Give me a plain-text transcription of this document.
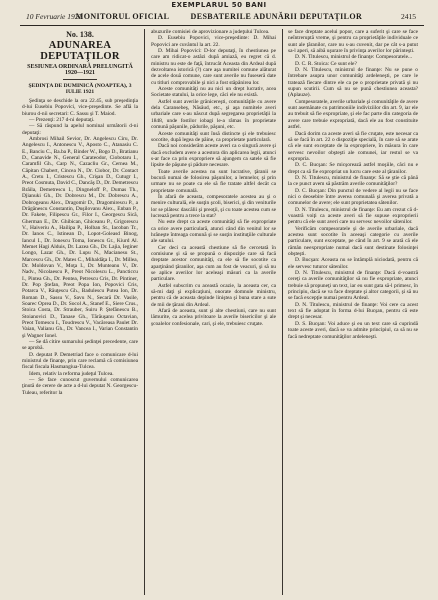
EXEMPLARUL 50 BANI
MONITORUL OFICIAL	DESBATERILE ADUNĂRII DEPUTAŢILOR
10 Fevruarie 1922	2415
No. 138.
ADUNAREA DEPUTAŢILOR
SESIUNEA ORDINARĂ PRELUNGITĂ 1920—1921
ŞEDINŢA DE DUMINICĂ (NOAPTEA), 3 IULIE 1921

Şedinţa se deschide la ora 22.45, sub preşedinţia d-lui Eusebiu Popovici, vice-preşedinte. Se află la biurou d-nii secretari: C. Sassu şi T. Maiod.

— Prezenţi: 217 d-ni deputaţi.

— Să răspund la apelul nominal următorii d-ni deputaţi:

Ambrosi Mihail Sevior, Dr. Angelescu Ciru, Dr. Angelescu I., Antonescu V., Aposto C., Atanasiu C. E., Banciu C., Ba.ba P., Binder W., Bogo D., Bratianu D., Canavide N., General Carateodor, Ciobotaru I., Caramfil Gh., Carp N., Cazacliu Gr., Cernea M., Căpitan Chabert, Cincea N., Dr. Ciobor, Dr. Contact A., Cretu I., Cristescu Gh., Crişan D., Cutugr I., Preot Cosmuta, David C., Dancăş D., Dr. Demetrescu Brăila, Demetrescu I., Dingneloff P., Dumas Th., Djianuki Gh., Dr. Dobrescu M., Dr. Dobrescu A., Dobrogeanu Alex., Dragomir D., Dragomirescu P., a Drăgănescu Constantin, Duşilovanu Alex., Enban P., Dr. Fakete, Filipescu Gr., Filor I., Georgescu Sică, Gherman E., Dr. Ghibican, Ghiceanu P., Grigorescu V., Haiveriu A., Hailipa P., Holban St., Iacoban Tr., Dr. Ianos C., Istinean D., Lopot-Goleasd Binog, Iancul I., Dr. Ionescu Toma, Ionescu Gr., Kiurd Al. Memet Hagi Alduis, Dr. Lazea Gh., Dr. Lajia, Ieginer Longo, Lazar Gh., Dr. Lupu N., Macianesu St., Marcescu Gh., Dr. Mates C., Mihaldăţa I., Dr. Millea, Dr. Moldovan V., Moţa I., Dr. Munteanu V., Dr. Nadv., Nicolaescu P., Preot Nicolescu L., Pancticcu I., Pintea Gh., Dr. Pentea, Petrescu Cris, Dr. Pintiner, Dr. Pop Ştefan, Preot Popa Ion, Popovici Cris, Potarca V., Răuţescu Gh., Badulescu Putea Ion, Dr. Roman D., Sassu V., Savu N., Secară Dr. Vasile, Soarec Oprea D., Dr. Socol A., Stanef E., Siere Crus., Stoica Costa, Dr. Strauber, Suiru P. Ştefănescu B., Stoianovici D., Tanase Gh., Tărăuşanu Octavian, Preot Tomescu I., Toudrescu V., Vacăreasa Paulet Dr. Vaian, Valianu Gh., Dr. Vancea I., Varian Constantin şi Wagner Ionel.

— Se dă citire sumarului şedinţei precedente, care se aprobă.

D. deputat P. Demetriad face o comunicare d-lui ministrul de finanţe, prin care reclamă că comisiunea fiscal fiscala Hasmangiua-Tulcea.

Idem, relativ la reforma judeţul Tulcea.

— Se face cunoscut guvernului comunicarea ţinută de cerere de acte a d-lui deputat N. Georgescu-Tuleau, referitor la

abuzurile comisiei de aprovizionare a judeţului Tulcea.

D. Eusebiu Popovici, vice-preşedinte: D. Mihai Popovici are cuvântul la art. 22.

D. Mihai Popovici: D-lor deputaţi, în chestiunea pe care am ridicat-o astăzi după amiază, eu regret că d. ministru nu este de faţă, întrucât Aceasta din Ardeal după dezvoltarea istorică (?) care aşa numitei comune alăturat de acele două comune, care sunt averile nu fuseseră date cu titluri comprovabile şi nici a fost stăpânirea lor.

Aceste comunităţi nu au nici un drept lucrativ, acea Societate statului, la orice lege, căci ele nu există.

Astfel sunt averile grănicereşti, comunităţile cu avere dela Caransebeş, Năsăud, etc., şi aşa numitele averi urbariale care s-au născut după segregarea proprietăţii la 1848, unde fostilor iobagi le-a rămas în proprietate comună păşunile, pădurile, păşuni, etc.

Aceste comunităţi sunt însă distincte şi ele trebuiesc socotite, după legea de pâine, ca proprietate particulară.

Dacă noi considerăm aceste averi ca o singură avere şi dacă excludem avere a acestora din aplicarea legii, atunci s-ar face ca prin expropriere să ajungem ca satele să fie lipsite de păşune şi pădure necesare.

Toate averile acestea nu sunt lucrative, ţăranii se bucură numai de folosirea păşunilor, a lemnelor, şi prin urmare nu se poate ca ele să fie tratate altfel decât ca proprietate comunală.

În afară de aceasta, compesoratele acestea au şi o menire culturală, ele susţin şcoli, biserici, şi din veniturile lor se plătesc dascălii şi preoţii, şi cu toate acestea cum se lucrează pentru a trece la stat?

Nu este drept ca aceste comunităţi să fie expropriate ca orice avere particulară, atunci când din venitul lor se hrăneşte întreaga comună şi se susţin instituţiile culturale ale satului.

Cer deci ca această chestiune să fie cercetată în comisiune şi să se propună o dispoziţie care să facă dreptate acestor comunităţi, ca ele să fie socotite ca aparţinând ţăranilor, aşa cum au fost de veacuri, şi să nu se aplice averilor lor aceleaşi măsuri ca la averile particulare.

Astfel subscrim cu această ocazie, la aceasta cer, ca să-mi daţi şi explicaţiuni, onorate domnule ministru, pentru că de aceasta depinde liniştea şi buna stare a sute de mii de ţărani din Ardeal.

Afară de aceasta, sunt şi alte chestiuni, care nu sunt lămurite, ca acelea privitoare la averile bisericilor şi ale şcoalelor confesionale, cari, şi ele, trebuiesc cruţate.

se face dreptate acelui popor, care a suferit şi care se face neîntreruptă vreme, şi pentru ca proprietăţile individuale ce sunt ale ţăranilor, care nu s-au cuvenit, dar pe cât s-a putut sa-l aperi, să aibă uşurare în privinţa averilor lor părinteşti.

D. N. Titulescu, ministrul de finanţe: Compesoratele...

D. C. R. Stoica: Ce sunt ele?

D. N. Titulescu, ministrul de finanţe: Nu se pune o întrebare asupra unor comunităţi ardeleneşti, pe care le tratează fiecare dintre ele ca pe o proprietate privată şi nu supun scutirii. Cum să nu se pună chestiunea aceasta? (Aplauze).

Compesoratele, averile urbariale şi comunităţile de avere sunt asemănate cu patrimoniile indiviziilor din art. 9, iar ele au trebuit să fie expropriate, şi ele fac parte din categoria de avere care trebuie expropriată, dacă ele au fost constituite astfel.

Dacă dorim ca aceste averi să fie cruţate, este necesar ca să se facă în art. 22 o dispoziţie specială, în care să se arate că ele sunt exceptate de la expropriere, în măsura în care servesc nevoilor obşteşti ale comunei, iar restul se va expropria.

D. C. Bucşan: Se micşorează astfel moşiile, căci nu e drept ca să fie expropriat un lucru care este al ţăranilor.

D. N. Titulescu, ministrul de finanţe: Să se ştie că până la ce punct avem să păstrăm averile comunităţilor?

D. C. Bucşan: Din punctul de vedere al legii nu se face nici o deosebire între averea comunală şi averea privată a comunelor de avere; ele sunt proprietatea sătenilor.

D. N. Titulescu, ministrul de finanţe: Eu am crezut că d-voastră voiţi ca aceste averi să fie supuse exproprierii pentru că ele sunt averi care nu servesc nevoilor sătenilor.

Verificăm compesoratele şi de averile urbariale, dacă acestea sunt socotite în aceeaşi categorie cu averile particulare, sunt exceptate, pe când în art. 9 se arată că ele rămân neexpropriate numai dacă sunt destinate folosinţei obşteşti.

D. Bucşan: Aceasta nu se întâmplă niciodată, pentru că ele servesc tuturor sătenilor.

D. N. Titulescu, ministrul de finanţe: Dacă d-voastră cereţi ca averile comunităţilor să nu fie expropriate, atunci trebuie să propuneţi un text, iar eu sunt gata să-l primesc, în principiu, dacă se va face dreptate şi altor categorii, şi să nu se facă excepţie numai pentru Ardeal.

D. N. Titulescu, ministrul de finanţe: Voi cere ca acest text să fie adoptat în forma d-lui Bucşan, pentru că este drept şi necesar.

D. S. Bucşan: Voi aduce şi eu un text care să cuprindă toate aceste averi, dacă se va admite principiul, ca să nu se facă nedreptate comunităţilor ardeleneşti.
